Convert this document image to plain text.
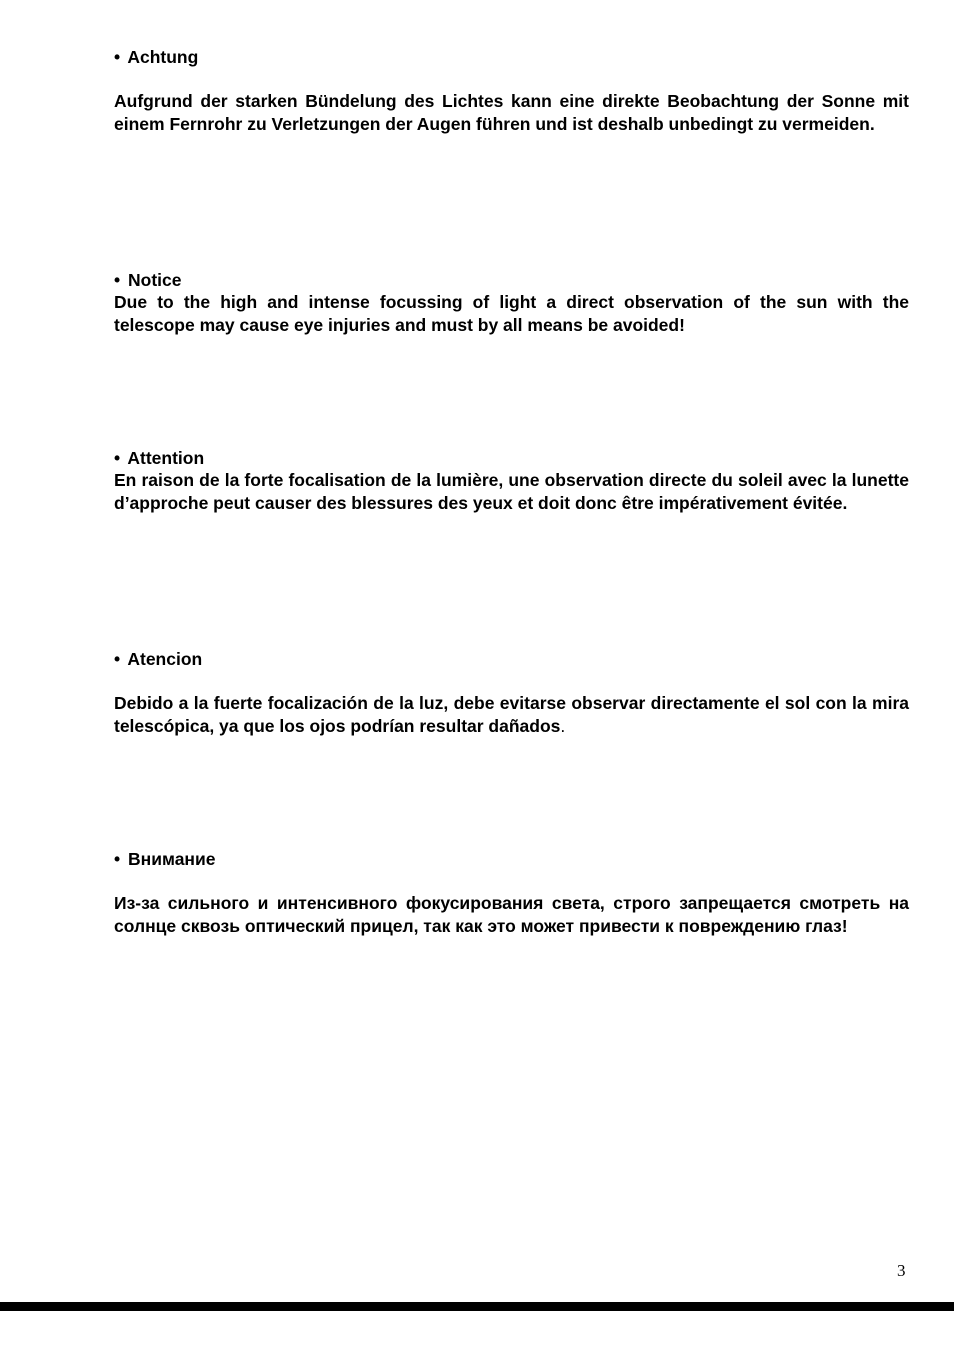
• Achtung

Aufgrund der starken Bündelung des Lichtes kann eine direkte Beobachtung der Sonne mit einem Fernrohr zu Verletzungen der Augen führen und ist deshalb unbedingt zu vermeiden.

• Notice

Due to the high and intense focussing of light a direct observation of the sun with the telescope may cause eye injuries and must by all means be avoided!

• Attention

En raison de la forte focalisation de la lumière, une observation directe du soleil avec la lunette d’approche peut causer des blessures des yeux et doit donc être impérativement évitée.

• Atencion

Debido a la fuerte focalización de la luz, debe evitarse observar directamente el sol con la mira telescópica, ya que los ojos podrían resultar dañados.

• Внимание

Из-за сильного и интенсивного фокусирования света, строго запрещается смотреть на солнце сквозь оптический прицел, так как это может привести к повреждению глаз!

3
